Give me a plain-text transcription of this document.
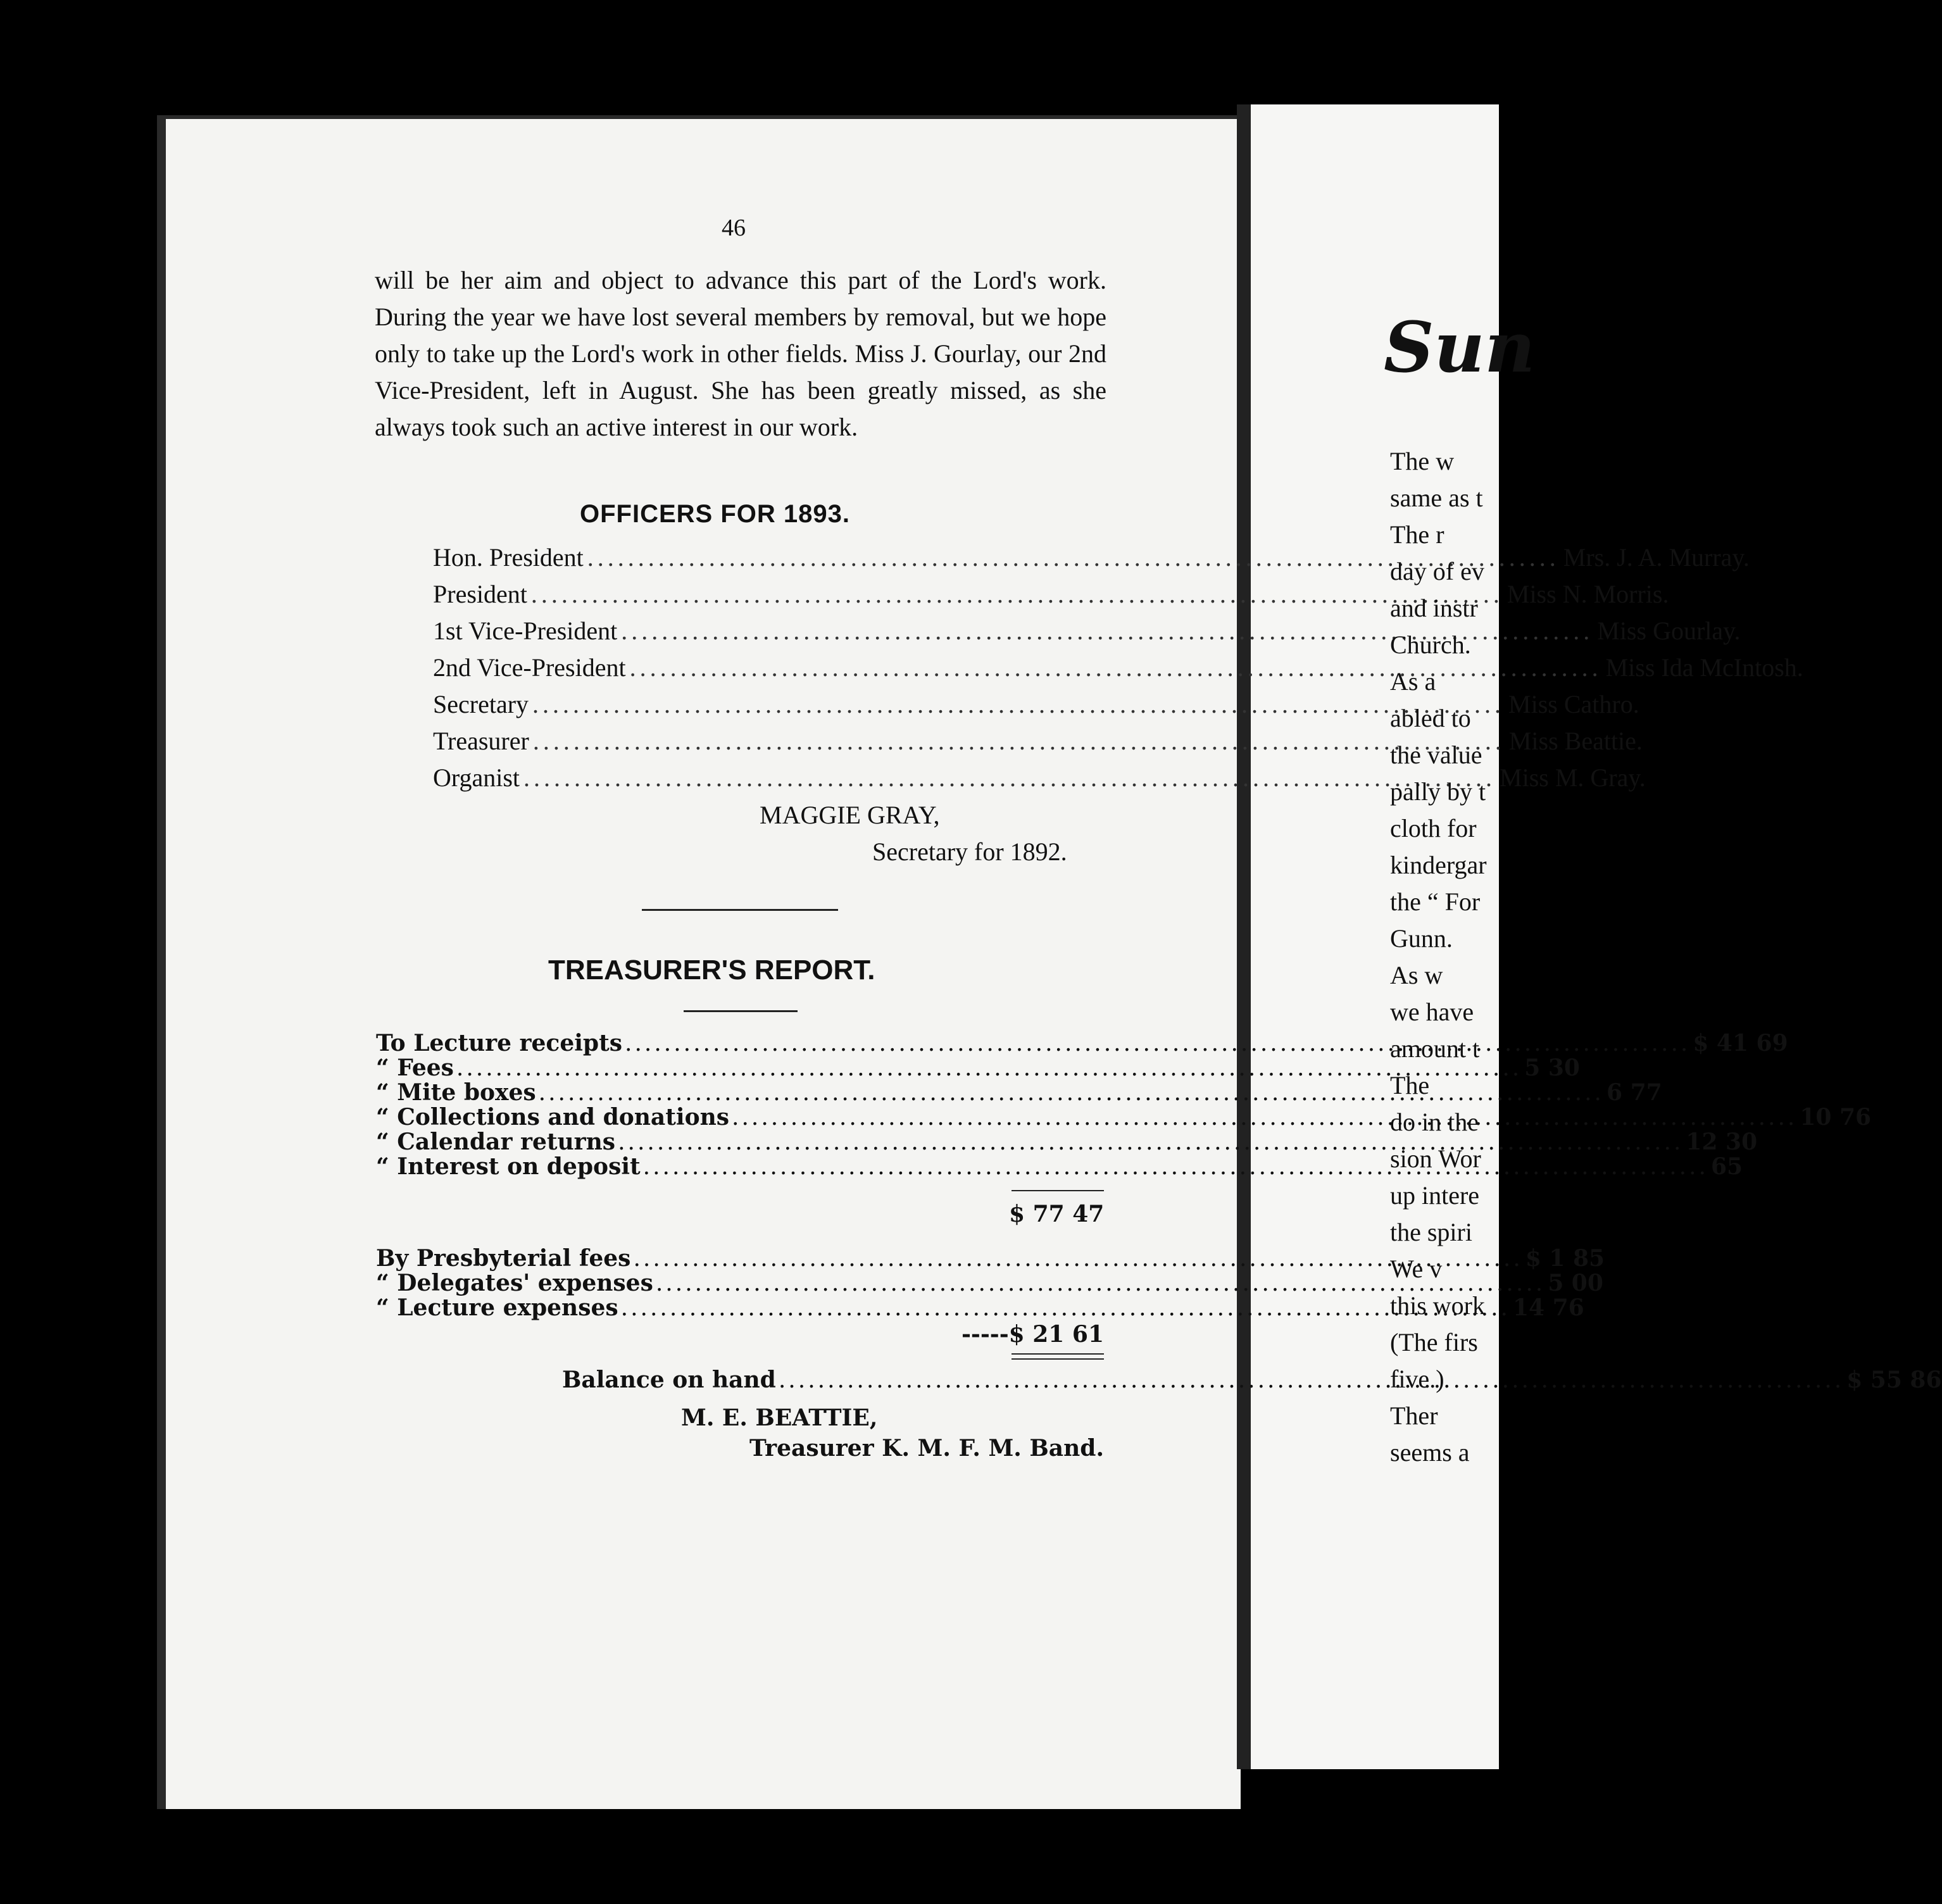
46
will be her aim and object to advance this part of the Lord's work. During the year we have lost several members by removal, but we hope only to take up the Lord's work in other fields. Miss J. Gourlay, our 2nd Vice-President, left in August. She has been greatly missed, as she always took such an active interest in our work.
OFFICERS FOR 1893.
Hon. President .....	Mrs. J. A. Murray.
President .....	Miss N. Morris.
1st Vice-President .....	Miss Gourlay.
2nd Vice-President .....	Miss Ida McIntosh.
Secretary .....	Miss Cathro.
Treasurer .....	Miss Beattie.
Organist .....	Miss M. Gray.
MAGGIE GRAY,
Secretary for 1892.
TREASURER'S REPORT.
To Lecture receipts .....	$ 41 69
“ Fees .....	5 30
“ Mite boxes .....	6 77
“ Collections and donations .....	10 76
“ Calendar returns .....	12 30
“ Interest on deposit .....	65
$ 77 47
By Presbyterial fees .....	$ 1 85
“ Delegates' expenses .....	5 00
“ Lecture expenses .....	14 76
-----$ 21 61
Balance on hand .....	$ 55 86
M. E. BEATTIE,
Treasurer K. M. F. M. Band.
Sun
The w
same as t
The r
day of ev
and instr
Church.
As a
abled to
the value
pally by t
cloth for
kindergar
the “ For
Gunn.
As w
we have
amount t
The
do in the
sion Wor
up intere
the spiri
We v
this work
(The firs
five.)
Ther
seems a
